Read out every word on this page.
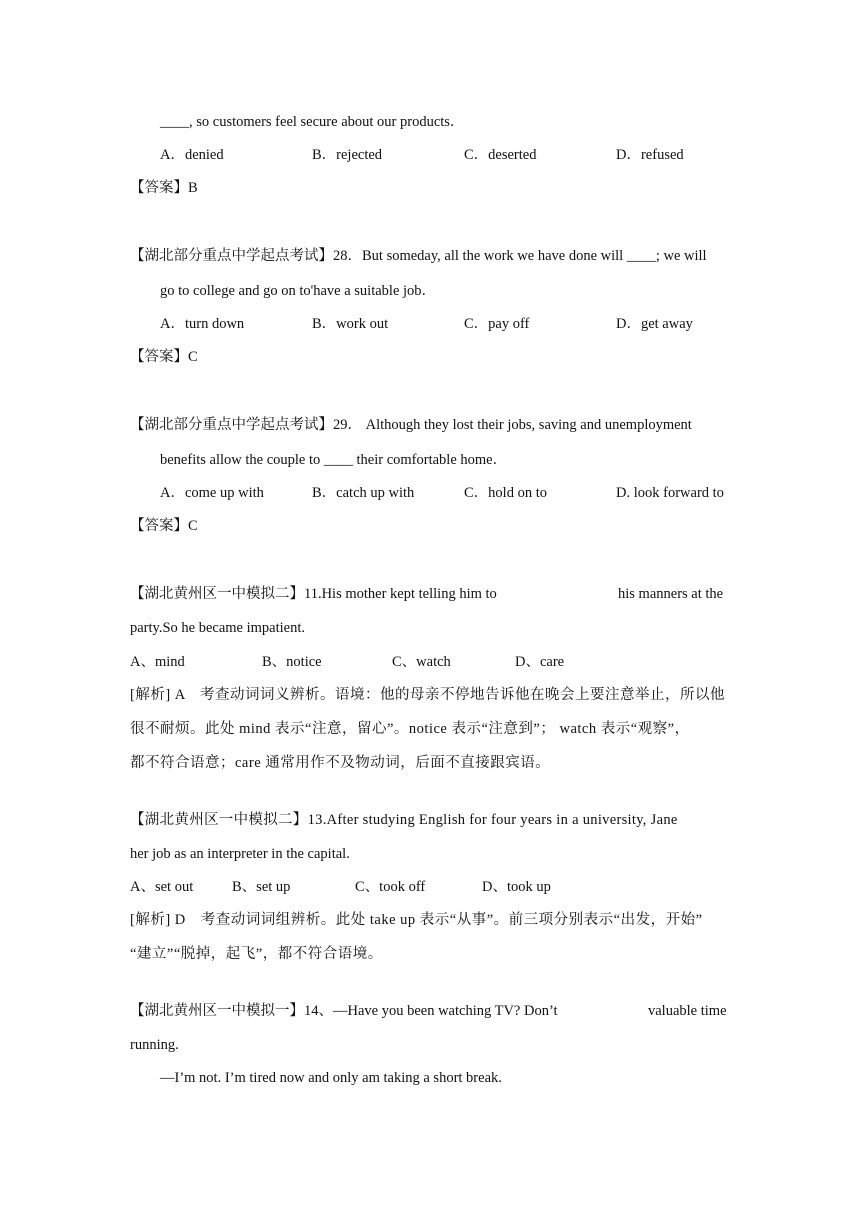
____, so customers feel secure about our products．
A．denied	B．rejected	C．deserted	D．refused
【答案】B
【湖北部分重点中学起点考试】28．But someday, all the work we have done will ____; we will
go to college and go on to'have a suitable job．
A．turn down	B．work out	C．pay off	D．get away
【答案】C
【湖北部分重点中学起点考试】29． Although they lost their jobs, saving and unemployment
benefits allow the couple to ____ their comfortable home．
A．come up with	B．catch up with	C．hold on to	D. look forward to
【答案】C
【湖北黄州区一中模拟二】11.His mother kept telling him to	his manners at the
party.So he became impatient.
A、mind	B、notice	C、watch	D、care
[解析] A　考查动词词义辨析。语境：他的母亲不停地告诉他在晚会上要注意举止，所以他
很不耐烦。此处 mind 表示“注意，留心”。notice 表示“注意到”； watch 表示“观察”，
都不符合语意；care 通常用作不及物动词，后面不直接跟宾语。
【湖北黄州区一中模拟二】13.After studying English for four years in a university, Jane
her job as an interpreter in the capital.
A、set out	B、set up	C、took off	D、took up
[解析] D　考查动词词组辨析。此处 take up 表示“从事”。前三项分别表示“出发，开始”
“建立”“脱掉，起飞”，都不符合语境。
【湖北黄州区一中模拟一】14、—Have you been watching TV? Don’t	valuable time
running.
—I’m not. I’m tired now and only am taking a short break.
